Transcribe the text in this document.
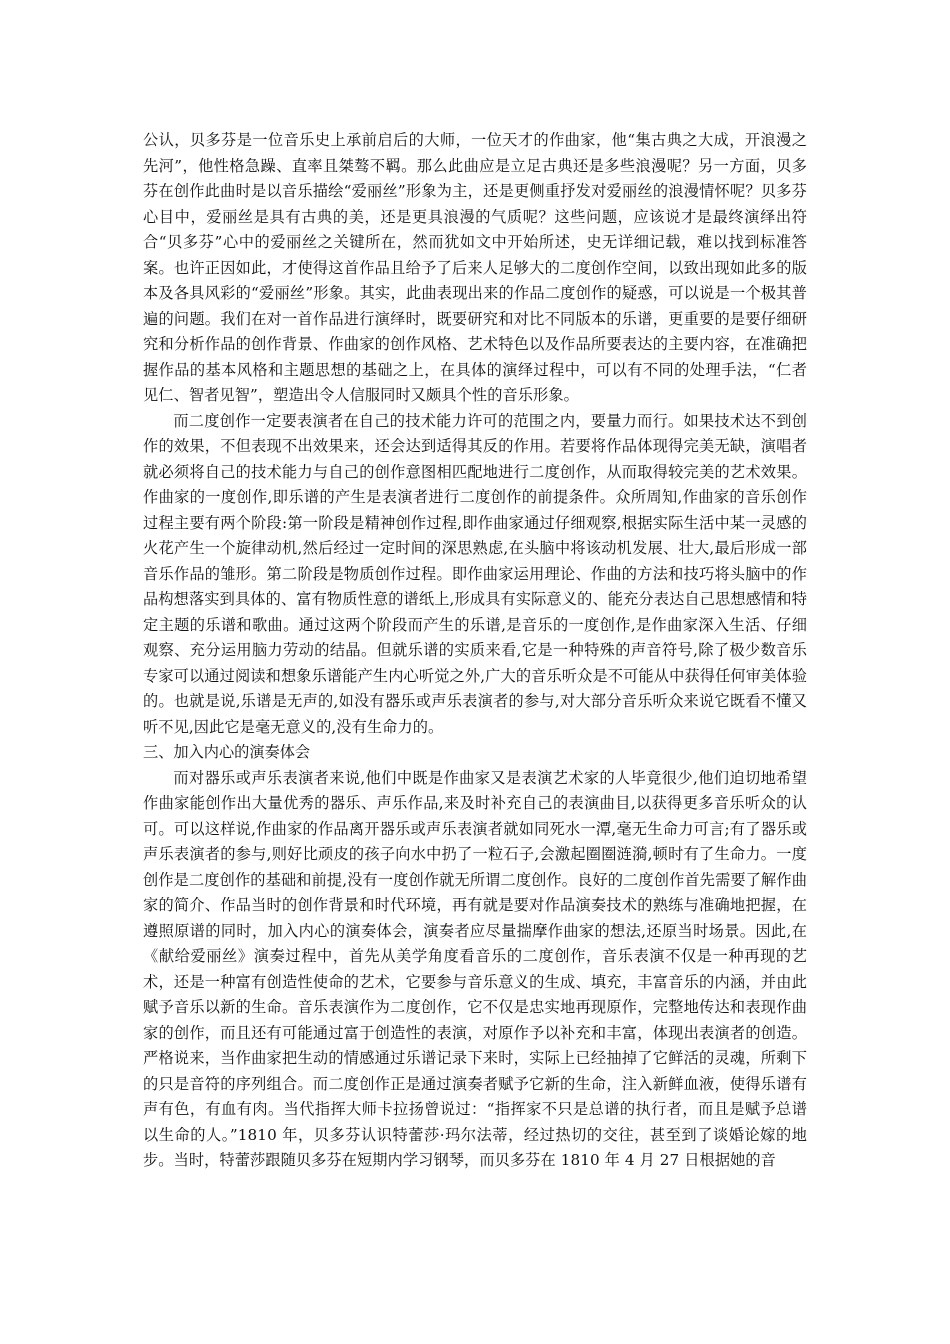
公认，贝多芬是一位音乐史上承前启后的大师，一位天才的作曲家，他“集古典之大成，开浪漫之先河”，他性格急躁、直率且桀骜不羁。那么此曲应是立足古典还是多些浪漫呢？另一方面，贝多芬在创作此曲时是以音乐描绘“爱丽丝”形象为主，还是更侧重抒发对爱丽丝的浪漫情怀呢？贝多芬心目中，爱丽丝是具有古典的美，还是更具浪漫的气质呢？这些问题，应该说才是最终演绎出符合“贝多芬”心中的爱丽丝之关键所在，然而犹如文中开始所述，史无详细记载，难以找到标准答案。也许正因如此，才使得这首作品且给予了后来人足够大的二度创作空间，以致出现如此多的版本及各具风彩的“爱丽丝”形象。其实，此曲表现出来的作品二度创作的疑惑，可以说是一个极其普遍的问题。我们在对一首作品进行演绎时，既要研究和对比不同版本的乐谱，更重要的是要仔细研究和分析作品的创作背景、作曲家的创作风格、艺术特色以及作品所要表达的主要内容，在准确把握作品的基本风格和主题思想的基础之上，在具体的演绎过程中，可以有不同的处理手法，“仁者见仁、智者见智”，塑造出令人信服同时又颇具个性的音乐形象。

而二度创作一定要表演者在自己的技术能力许可的范围之内，要量力而行。如果技术达不到创作的效果，不但表现不出效果来，还会达到适得其反的作用。若要将作品体现得完美无缺，演唱者就必须将自己的技术能力与自己的创作意图相匹配地进行二度创作，从而取得较完美的艺术效果。作曲家的一度创作,即乐谱的产生是表演者进行二度创作的前提条件。众所周知,作曲家的音乐创作过程主要有两个阶段:第一阶段是精神创作过程,即作曲家通过仔细观察,根据实际生活中某一灵感的火花产生一个旋律动机,然后经过一定时间的深思熟虑,在头脑中将该动机发展、壮大,最后形成一部音乐作品的雏形。第二阶段是物质创作过程。即作曲家运用理论、作曲的方法和技巧将头脑中的作品构想落实到具体的、富有物质性意的谱纸上,形成具有实际意义的、能充分表达自己思想感情和特定主题的乐谱和歌曲。通过这两个阶段而产生的乐谱,是音乐的一度创作,是作曲家深入生活、仔细观察、充分运用脑力劳动的结晶。但就乐谱的实质来看,它是一种特殊的声音符号,除了极少数音乐专家可以通过阅读和想象乐谱能产生内心听觉之外,广大的音乐听众是不可能从中获得任何审美体验的。也就是说,乐谱是无声的,如没有器乐或声乐表演者的参与,对大部分音乐听众来说它既看不懂又听不见,因此它是毫无意义的,没有生命力的。

三、加入内心的演奏体会

而对器乐或声乐表演者来说,他们中既是作曲家又是表演艺术家的人毕竟很少,他们迫切地希望作曲家能创作出大量优秀的器乐、声乐作品,来及时补充自己的表演曲目,以获得更多音乐听众的认可。可以这样说,作曲家的作品离开器乐或声乐表演者就如同死水一潭,毫无生命力可言;有了器乐或声乐表演者的参与,则好比顽皮的孩子向水中扔了一粒石子,会激起圈圈涟漪,顿时有了生命力。一度创作是二度创作的基础和前提,没有一度创作就无所谓二度创作。良好的二度创作首先需要了解作曲家的简介、作品当时的创作背景和时代环境，再有就是要对作品演奏技术的熟练与准确地把握，在遵照原谱的同时，加入内心的演奏体会，演奏者应尽量揣摩作曲家的想法,还原当时场景。因此,在《献给爱丽丝》演奏过程中，首先从美学角度看音乐的二度创作，音乐表演不仅是一种再现的艺术，还是一种富有创造性使命的艺术，它要参与音乐意义的生成、填充，丰富音乐的内涵，并由此赋予音乐以新的生命。音乐表演作为二度创作，它不仅是忠实地再现原作，完整地传达和表现作曲家的创作，而且还有可能通过富于创造性的表演，对原作予以补充和丰富，体现出表演者的创造。严格说来，当作曲家把生动的情感通过乐谱记录下来时，实际上已经抽掉了它鲜活的灵魂，所剩下的只是音符的序列组合。而二度创作正是通过演奏者赋予它新的生命，注入新鲜血液，使得乐谱有声有色，有血有肉。当代指挥大师卡拉扬曾说过：“指挥家不只是总谱的执行者，而且是赋予总谱以生命的人。”1810 年，贝多芬认识特蕾莎·玛尔法蒂，经过热切的交往，甚至到了谈婚论嫁的地步。当时，特蕾莎跟随贝多芬在短期内学习钢琴，而贝多芬在 1810 年 4 月 27 日根据她的音
